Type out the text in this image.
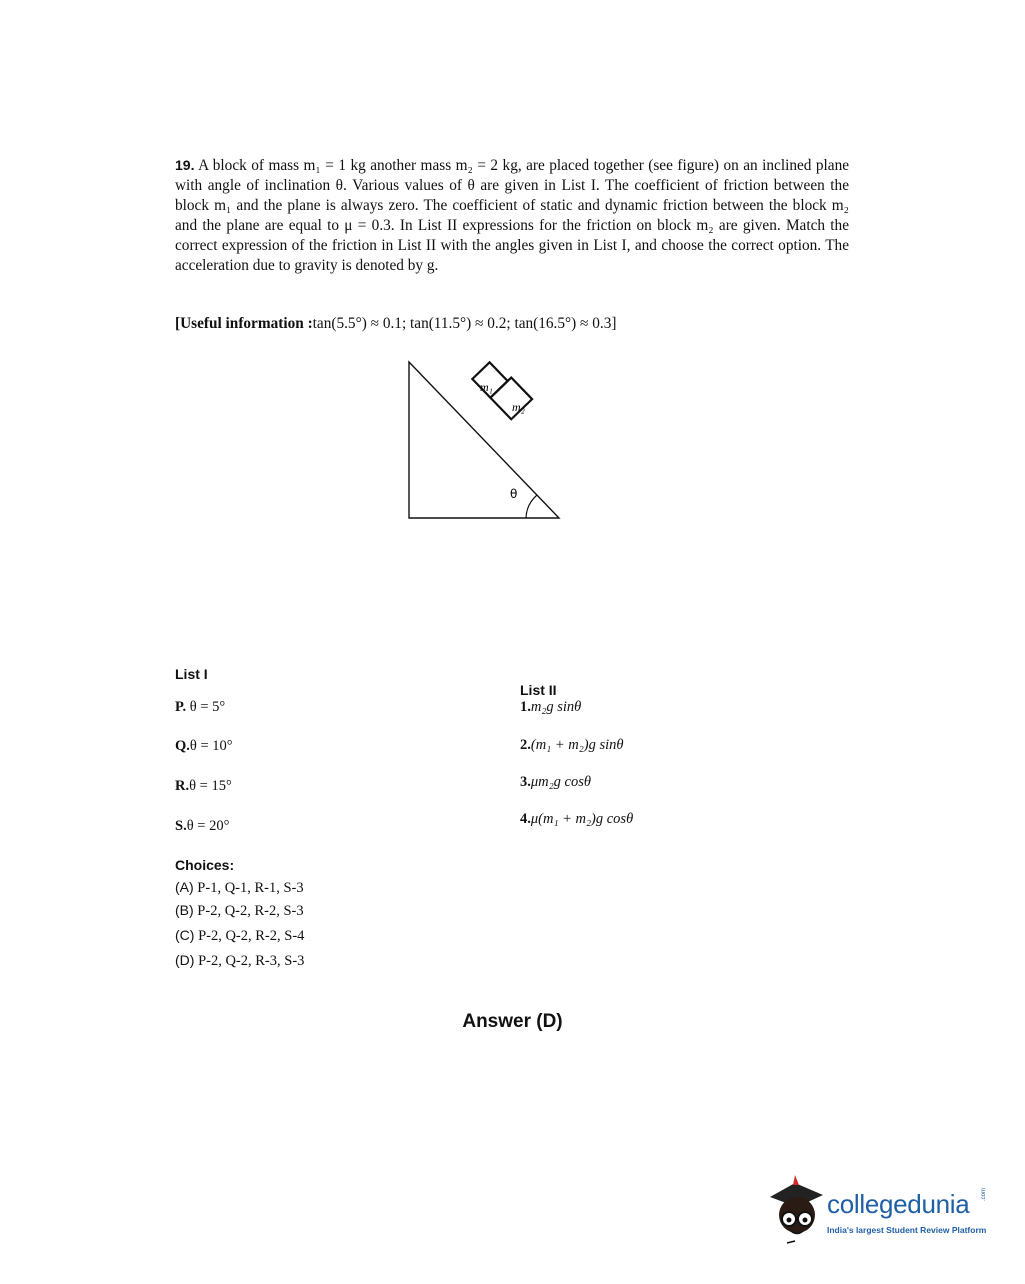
19. A block of mass m₁ = 1 kg another mass m₂ = 2 kg, are placed together (see figure) on an inclined plane with angle of inclination θ. Various values of θ are given in List I. The coefficient of friction between the block m₁ and the plane is always zero. The coefficient of static and dynamic friction between the block m₂ and the plane are equal to μ = 0.3. In List II expressions for the friction on block m₂ are given. Match the correct expression of the friction in List II with the angles given in List I, and choose the correct option. The acceleration due to gravity is denoted by g.
[Useful information :tan(5.5°) ≈ 0.1; tan(11.5°) ≈ 0.2; tan(16.5°) ≈ 0.3]
m₁
m₂
θ
List I
P. θ = 5°
Q.θ = 10°
R.θ = 15°
S.θ = 20°
List II
1.m₂g sinθ
2.(m₁ + m₂)g sinθ
3.μm₂g cosθ
4.μ(m₁ + m₂)g cosθ
Choices:
(A) P-1, Q-1, R-1, S-3
(B) P-2, Q-2, R-2, S-3
(C) P-2, Q-2, R-2, S-4
(D) P-2, Q-2, R-3, S-3
Answer (D)
collegedunia .com
India's largest Student Review Platform
